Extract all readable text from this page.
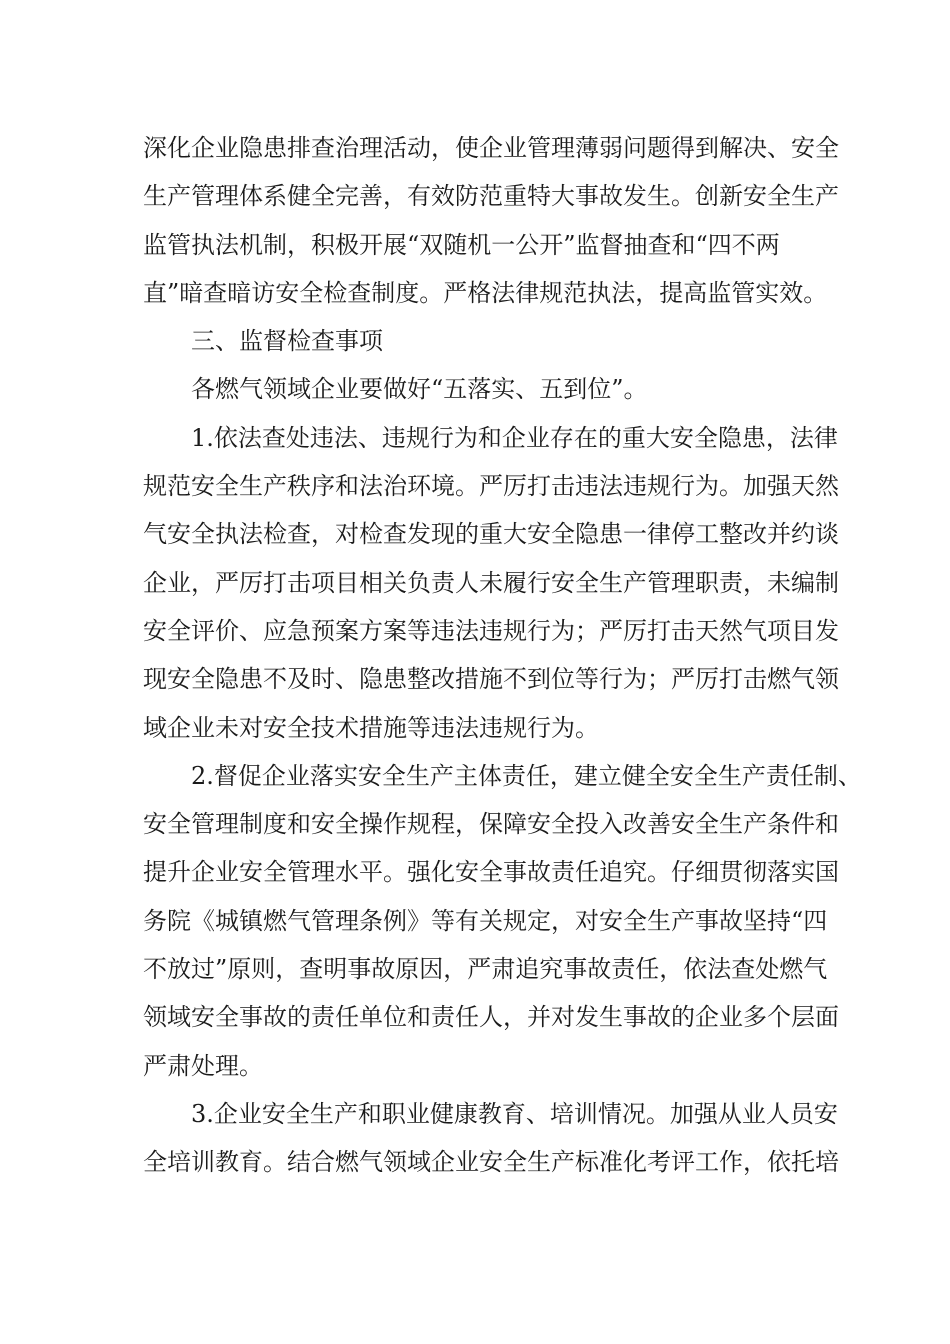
深化企业隐患排查治理活动，使企业管理薄弱问题得到解决、安全
生产管理体系健全完善，有效防范重特大事故发生。创新安全生产
监管执法机制，积极开展“双随机一公开”监督抽查和“四不两
直”暗查暗访安全检查制度。严格法律规范执法，提高监管实效。
三、监督检查事项
各燃气领域企业要做好“五落实、五到位”。
1.依法查处违法、违规行为和企业存在的重大安全隐患，法律
规范安全生产秩序和法治环境。严厉打击违法违规行为。加强天然
气安全执法检查，对检查发现的重大安全隐患一律停工整改并约谈
企业，严厉打击项目相关负责人未履行安全生产管理职责，未编制
安全评价、应急预案方案等违法违规行为；严厉打击天然气项目发
现安全隐患不及时、隐患整改措施不到位等行为；严厉打击燃气领
域企业未对安全技术措施等违法违规行为。
2.督促企业落实安全生产主体责任，建立健全安全生产责任制、
安全管理制度和安全操作规程，保障安全投入改善安全生产条件和
提升企业安全管理水平。强化安全事故责任追究。仔细贯彻落实国
务院《城镇燃气管理条例》等有关规定，对安全生产事故坚持“四
不放过”原则，查明事故原因，严肃追究事故责任，依法查处燃气
领域安全事故的责任单位和责任人，并对发生事故的企业多个层面
严肃处理。
3.企业安全生产和职业健康教育、培训情况。加强从业人员安
全培训教育。结合燃气领域企业安全生产标准化考评工作，依托培
